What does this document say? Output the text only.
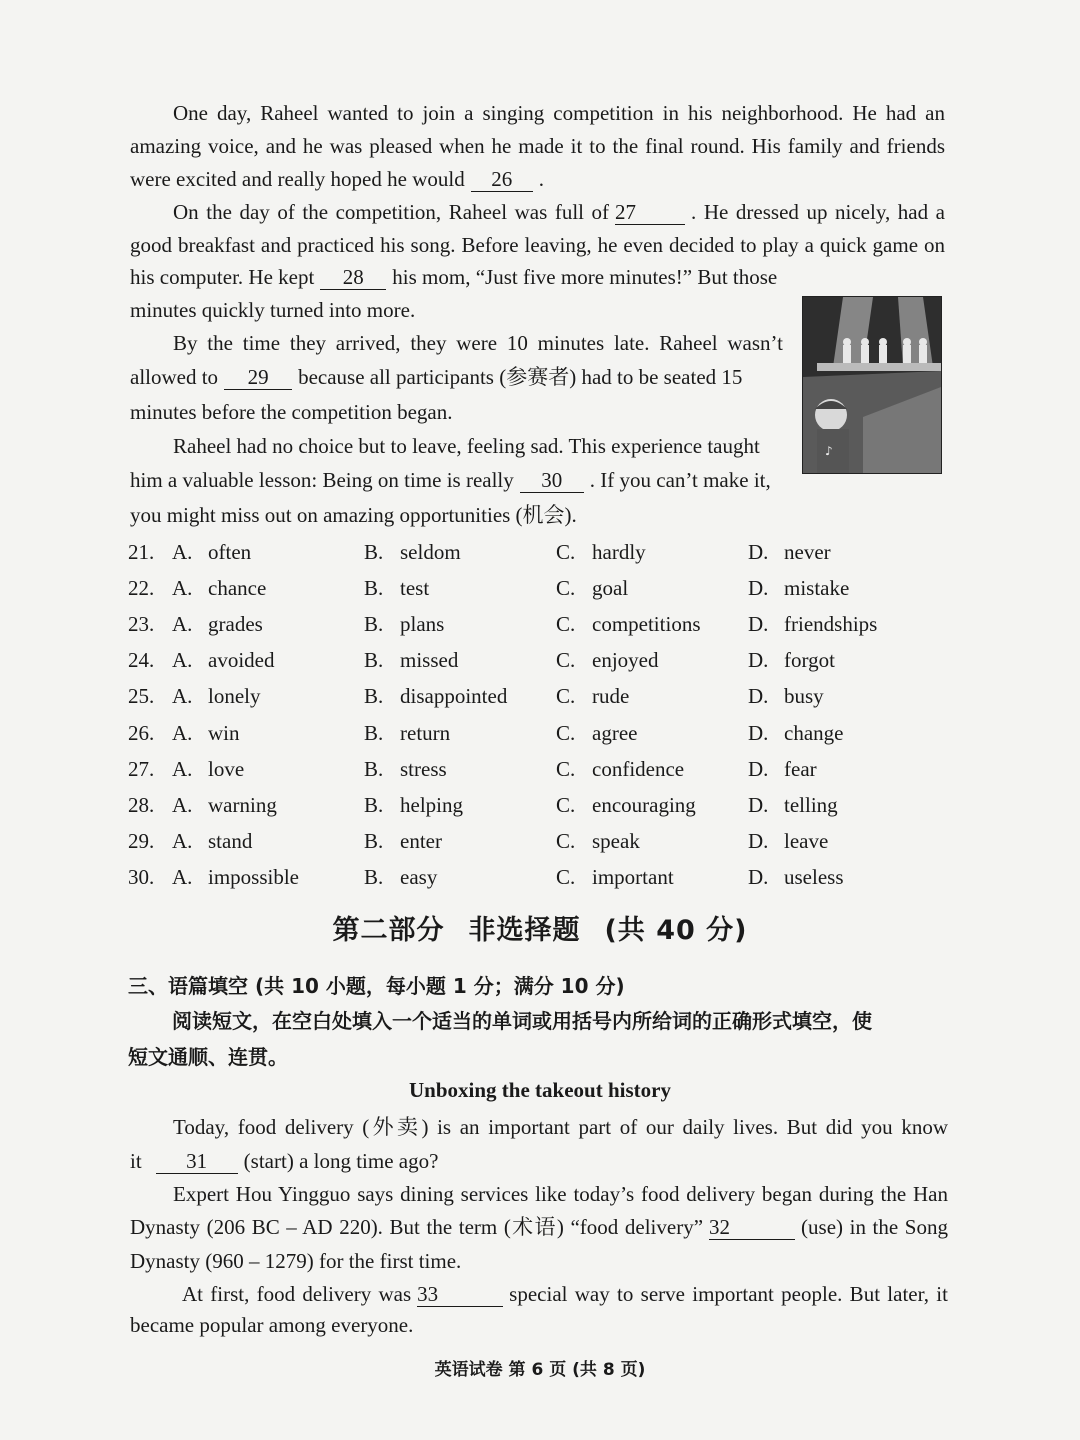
One day, Raheel wanted to join a singing competition in his neighborhood. He had an
amazing voice, and he was pleased when he made it to the final round. His family and friends
were excited and really hoped he would 26 .
On the day of the competition, Raheel was full of 27	. He dressed up nicely, had a
good breakfast and practiced his song. Before leaving, he even decided to play a quick game on
his computer. He kept 28 his mom, “Just five more minutes!” But those
minutes quickly turned into more.
By the time they arrived, they were 10 minutes late. Raheel wasn’t
allowed to 29 because all participants (参赛者) had to be seated 15
minutes before the competition began.
Raheel had no choice but to leave, feeling sad. This experience taught
him a valuable lesson: Being on time is really 30 . If you can’t make it,
you might miss out on amazing opportunities (机会).
♪
21. A. often	B. seldom	C. hardly	D. never
22. A. chance	B. test	C. goal	D. mistake
23. A. grades	B. plans	C. competitions D. friendships
24. A. avoided	B. missed	C. enjoyed	D. forgot
25. A. lonely	B. disappointed C. rude	D. busy
26. A. win	B. return	C. agree	D. change
27. A. love	B. stress	C. confidence	D. fear
28. A. warning	B. helping	C. encouraging D. telling
29. A. stand	B. enter	C. speak	D. leave
30. A. impossible	B. easy	C. important	D. useless
第二部分 非选择题 (共 40 分)
三、语篇填空 (共 10 小题，每小题 1 分；满分 10 分)
阅读短文，在空白处填入一个适当的单词或用括号内所给词的正确形式填空，使
短文通顺、连贯。
Unboxing the takeout history
Today, food delivery (外卖) is an important part of our daily lives. But did you know
it 31 (start) a long time ago?
Expert Hou Yingguo says dining services like today’s food delivery began during the Han
Dynasty (206 BC – AD 220). But the term (术语) “food delivery” 32	(use) in the Song
Dynasty (960 – 1279) for the first time.
At first, food delivery was 33	special way to serve important people. But later, it
became popular among everyone.
英语试卷 第 6 页 (共 8 页)
